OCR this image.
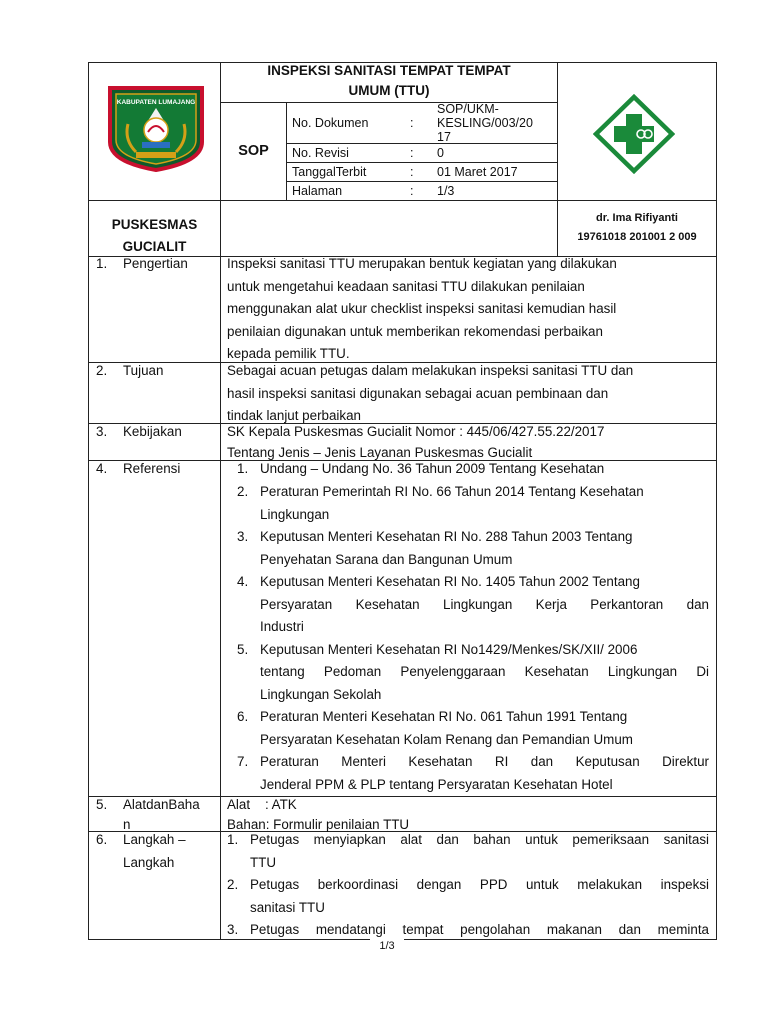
KABUPATEN LUMAJANG
INSPEKSI SANITASI TEMPAT TEMPAT
UMUM (TTU)
SOP
No. Dokumen	:
SOP/UKM-
KESLING/003/20
17
No. Revisi	: 0
TanggalTerbit	: 01 Maret 2017
Halaman	: 1/3
PUSKESMAS
GUCIALIT
dr. Ima Rifiyanti
19761018 201001 2 009
1. Pengertian	Inspeksi sanitasi TTU merupakan bentuk kegiatan yang dilakukan
untuk mengetahui keadaan sanitasi TTU dilakukan penilaian
menggunakan alat ukur checklist inspeksi sanitasi kemudian hasil
penilaian digunakan untuk memberikan rekomendasi perbaikan
kepada pemilik TTU.
2. Tujuan	Sebagai acuan petugas dalam melakukan inspeksi sanitasi TTU dan
hasil inspeksi sanitasi digunakan sebagai acuan pembinaan dan
tindak lanjut perbaikan
3. Kebijakan	SK Kepala Puskesmas Gucialit Nomor : 445/06/427.55.22/2017
Tentang Jenis – Jenis Layanan Puskesmas Gucialit
4. Referensi	1. Undang – Undang No. 36 Tahun 2009 Tentang Kesehatan
2. Peraturan Pemerintah RI No. 66 Tahun 2014 Tentang Kesehatan
Lingkungan
3. Keputusan Menteri Kesehatan RI No. 288 Tahun 2003 Tentang
Penyehatan Sarana dan Bangunan Umum
4. Keputusan Menteri Kesehatan RI No. 1405 Tahun 2002 Tentang
Persyaratan Kesehatan Lingkungan Kerja Perkantoran dan
Industri
5. Keputusan Menteri Kesehatan RI No1429/Menkes/SK/XII/ 2006
tentang Pedoman Penyelenggaraan Kesehatan Lingkungan Di
Lingkungan Sekolah
6. Peraturan Menteri Kesehatan RI No. 061 Tahun 1991 Tentang
Persyaratan Kesehatan Kolam Renang dan Pemandian Umum
7. Peraturan Menteri Kesehatan RI dan Keputusan Direktur
Jenderal PPM & PLP tentang Persyaratan Kesehatan Hotel
5. AlatdanBaha
n
Alat    : ATK
Bahan: Formulir penilaian TTU
6. Langkah –
Langkah
1. Petugas menyiapkan alat dan bahan untuk pemeriksaan sanitasi
TTU
2. Petugas berkoordinasi dengan PPD untuk melakukan inspeksi
sanitasi TTU
3. Petugas mendatangi tempat pengolahan makanan dan meminta
1/3
